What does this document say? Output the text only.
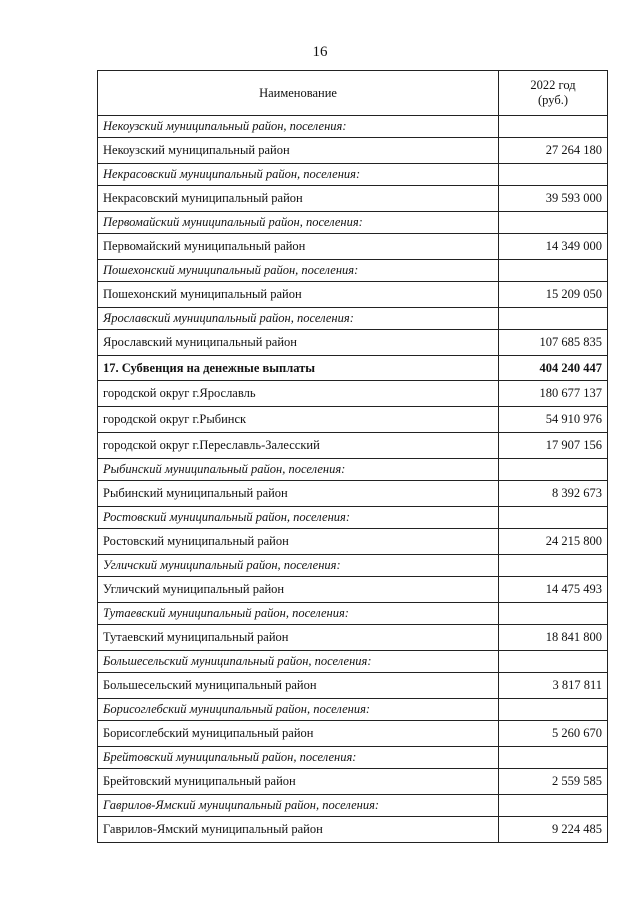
16
Наименование	2022 год
(руб.)
Некоузский муниципальный район, поселения:	
Некоузский муниципальный район	27 264 180
Некрасовский муниципальный район, поселения:	
Некрасовский муниципальный район	39 593 000
Первомайский муниципальный район, поселения:	
Первомайский муниципальный район	14 349 000
Пошехонский муниципальный район, поселения:	
Пошехонский муниципальный район	15 209 050
Ярославский муниципальный район, поселения:	
Ярославский муниципальный район	107 685 835
17. Субвенция на денежные выплаты	404 240 447
городской округ г.Ярославль	180 677 137
городской округ г.Рыбинск	54 910 976
городской округ г.Переславль-Залесский	17 907 156
Рыбинский муниципальный район, поселения:	
Рыбинский муниципальный район	8 392 673
Ростовский муниципальный район, поселения:	
Ростовский муниципальный район	24 215 800
Угличский муниципальный район, поселения:	
Угличский муниципальный район	14 475 493
Тутаевский муниципальный район, поселения:	
Тутаевский муниципальный район	18 841 800
Большесельский муниципальный район, поселения:	
Большесельский муниципальный район	3 817 811
Борисоглебский муниципальный район, поселения:	
Борисоглебский муниципальный район	5 260 670
Брейтовский муниципальный район, поселения:	
Брейтовский муниципальный район	2 559 585
Гаврилов-Ямский муниципальный район, поселения:	
Гаврилов-Ямский муниципальный район	9 224 485
